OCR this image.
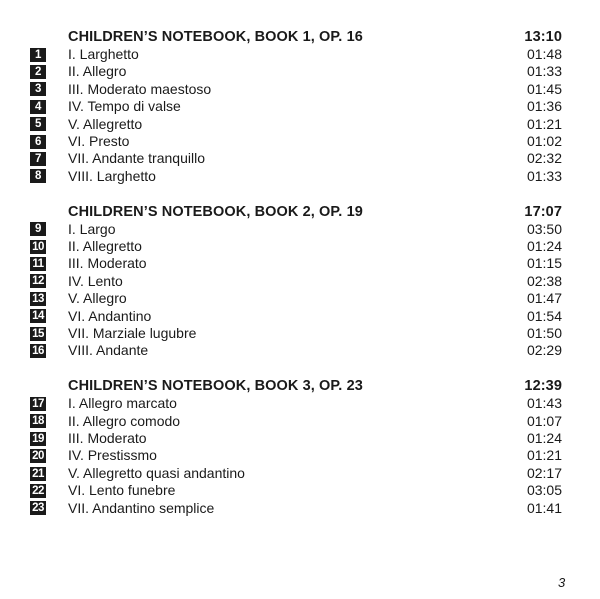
CHILDREN’S NOTEBOOK, BOOK 1, OP. 16	13:10
1	I. Larghetto	01:48
2	II. Allegro	01:33
3	III. Moderato maestoso	01:45
4	IV. Tempo di valse	01:36
5	V. Allegretto	01:21
6	VI. Presto	01:02
7	VII. Andante tranquillo	02:32
8	VIII. Larghetto	01:33
CHILDREN’S NOTEBOOK, BOOK 2, OP. 19	17:07
9	I. Largo	03:50
10 II. Allegretto	01:24
11 III. Moderato	01:15
12 IV. Lento	02:38
13 V. Allegro	01:47
14 VI. Andantino	01:54
15 VII. Marziale lugubre	01:50
16 VIII. Andante	02:29
CHILDREN’S NOTEBOOK, BOOK 3, OP. 23	12:39
17 I. Allegro marcato	01:43
18 II. Allegro comodo	01:07
19 III. Moderato	01:24
20 IV. Prestissmo	01:21
21 V. Allegretto quasi andantino	02:17
22 VI. Lento funebre	03:05
23 VII. Andantino semplice	01:41
3
